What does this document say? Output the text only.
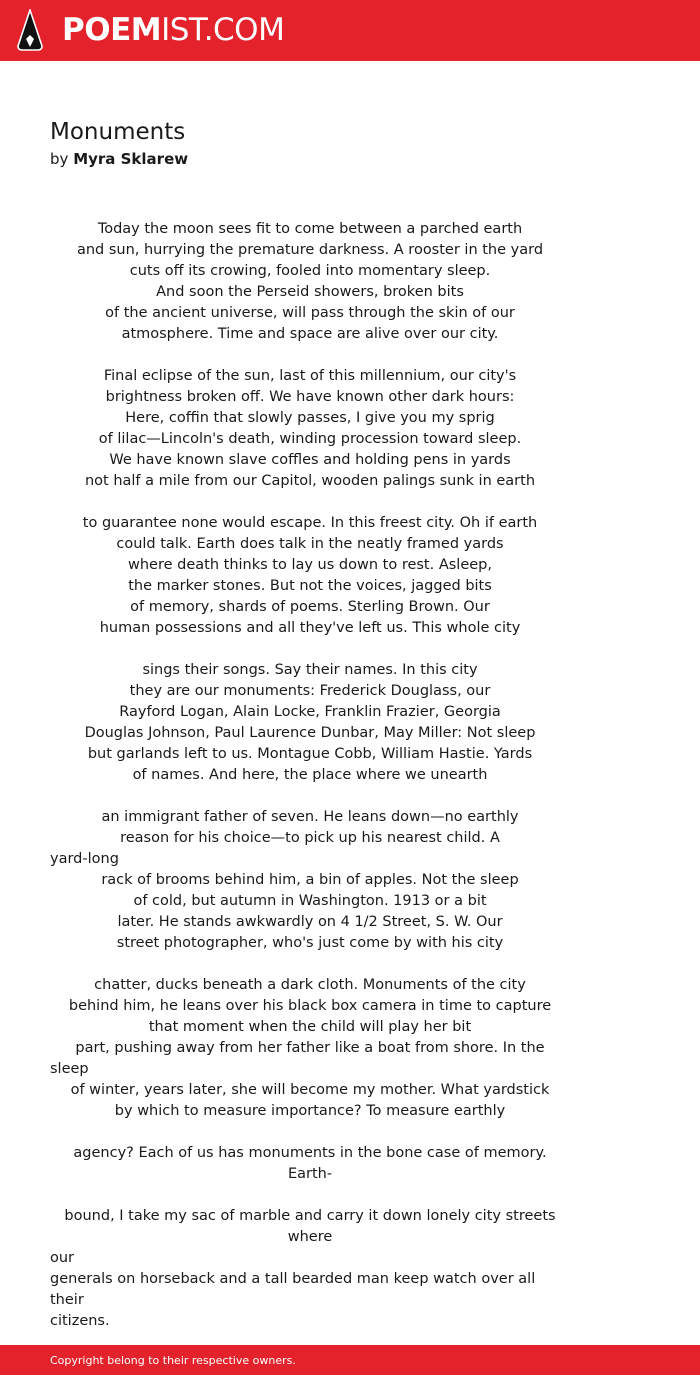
POEMIST.COM
Monuments
by Myra Sklarew
Today the moon sees fit to come between a parched earth
and sun, hurrying the premature darkness. A rooster in the yard
cuts off its crowing, fooled into momentary sleep.
And soon the Perseid showers, broken bits
of the ancient universe, will pass through the skin of our
atmosphere. Time and space are alive over our city.
Final eclipse of the sun, last of this millennium, our city's
brightness broken off. We have known other dark hours:
Here, coffin that slowly passes, I give you my sprig
of lilac—Lincoln's death, winding procession toward sleep.
We have known slave coffles and holding pens in yards
not half a mile from our Capitol, wooden palings sunk in earth
to guarantee none would escape. In this freest city. Oh if earth
could talk. Earth does talk in the neatly framed yards
where death thinks to lay us down to rest. Asleep,
the marker stones. But not the voices, jagged bits
of memory, shards of poems. Sterling Brown. Our
human possessions and all they've left us. This whole city
sings their songs. Say their names. In this city
they are our monuments: Frederick Douglass, our
Rayford Logan, Alain Locke, Franklin Frazier, Georgia
Douglas Johnson, Paul Laurence Dunbar, May Miller: Not sleep
but garlands left to us. Montague Cobb, William Hastie. Yards
of names. And here, the place where we unearth
an immigrant father of seven. He leans down—no earthly
reason for his choice—to pick up his nearest child. A
yard-long
rack of brooms behind him, a bin of apples. Not the sleep
of cold, but autumn in Washington. 1913 or a bit
later. He stands awkwardly on 4 1/2 Street, S. W. Our
street photographer, who's just come by with his city
chatter, ducks beneath a dark cloth. Monuments of the city
behind him, he leans over his black box camera in time to capture
that moment when the child will play her bit
part, pushing away from her father like a boat from shore. In the
sleep
of winter, years later, she will become my mother. What yardstick
by which to measure importance? To measure earthly
agency? Each of us has monuments in the bone case of memory. Earth-
bound, I take my sac of marble and carry it down lonely city streets where
our
generals on horseback and a tall bearded man keep watch over all their
citizens.
Copyright belong to their respective owners.
